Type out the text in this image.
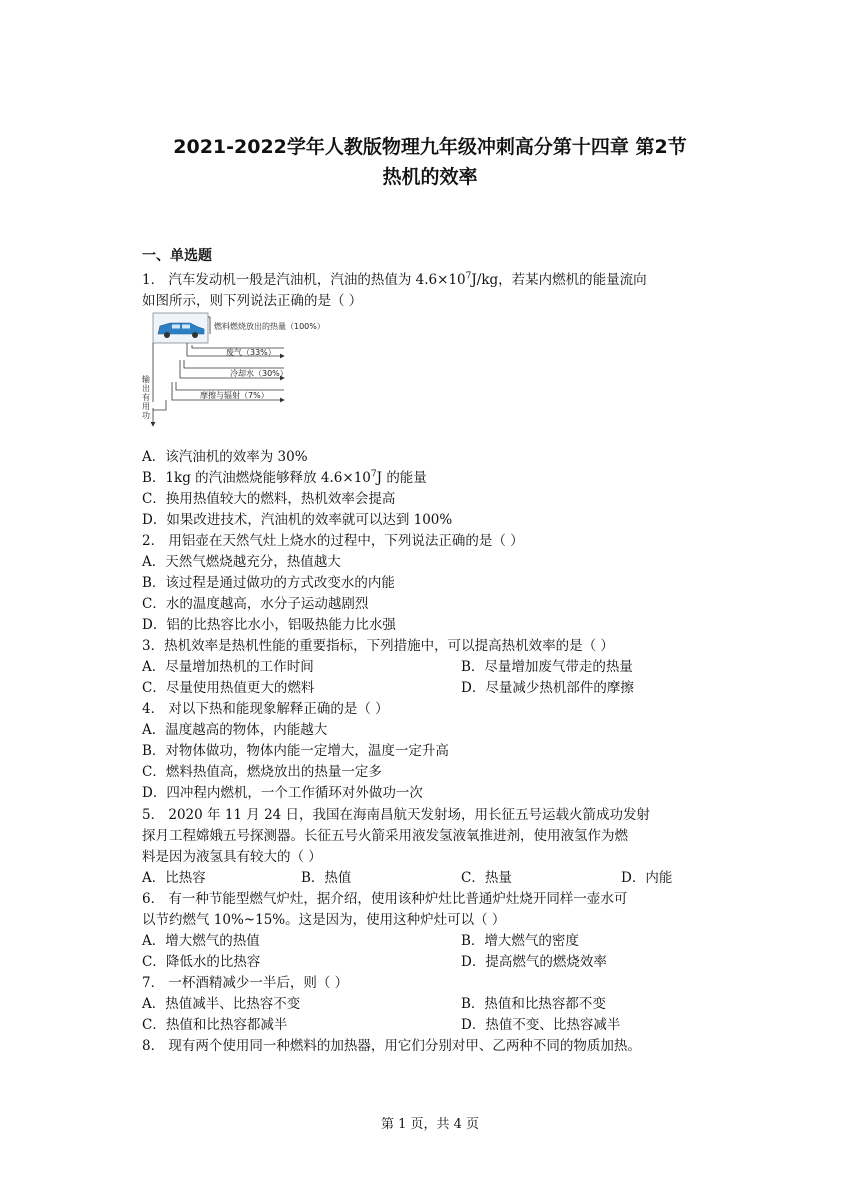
2021-2022学年人教版物理九年级冲刺高分第十四章 第2节
热机的效率
一、单选题
1． 汽车发动机一般是汽油机，汽油的热值为 $4.6\times 10^7J/kg$，若某内燃机的能量流向
如图所示，则下列说法正确的是（ ）
燃料燃烧放出的热量（100%）
废气（33%）
冷却水（30%）
摩擦与辐射（7%）
输
出
有
用
功
A．该汽油机的效率为 30%
B．1kg 的汽油燃烧能够释放 $4.6\times 10^7J$ 的能量
C．换用热值较大的燃料，热机效率会提高
D．如果改进技术，汽油机的效率就可以达到 100%
2． 用铝壶在天然气灶上烧水的过程中，下列说法正确的是（ ）
A．天然气燃烧越充分，热值越大
B．该过程是通过做功的方式改变水的内能
C．水的温度越高，水分子运动越剧烈
D．铝的比热容比水小，铝吸热能力比水强
3．热机效率是热机性能的重要指标，下列措施中，可以提高热机效率的是（ ）
A．尽量增加热机的工作时间	B．尽量增加废气带走的热量
C．尽量使用热值更大的燃料	D．尽量减少热机部件的摩擦
4． 对以下热和能现象解释正确的是（ ）
A．温度越高的物体，内能越大
B．对物体做功，物体内能一定增大，温度一定升高
C．燃料热值高，燃烧放出的热量一定多
D．四冲程内燃机，一个工作循环对外做功一次
5． 2020 年 11 月 24 日，我国在海南昌航天发射场，用长征五号运载火箭成功发射
探月工程嫦娥五号探测器。长征五号火箭采用液发氢液氧推进剂，使用液氢作为燃
料是因为液氢具有较大的（ ）
A．比热容	B．热值	C．热量	D．内能
6． 有一种节能型燃气炉灶，据介绍，使用该种炉灶比普通炉灶烧开同样一壶水可
以节约燃气 10%~15%。这是因为，使用这种炉灶可以（ ）
A．增大燃气的热值	B．增大燃气的密度
C．降低水的比热容	D．提高燃气的燃烧效率
7． 一杯酒精减少一半后，则（ ）
A．热值减半、比热容不变	B．热值和比热容都不变
C．热值和比热容都减半	D．热值不变、比热容减半
8． 现有两个使用同一种燃料的加热器，用它们分别对甲、乙两种不同的物质加热。
第 1 页，共 4 页
